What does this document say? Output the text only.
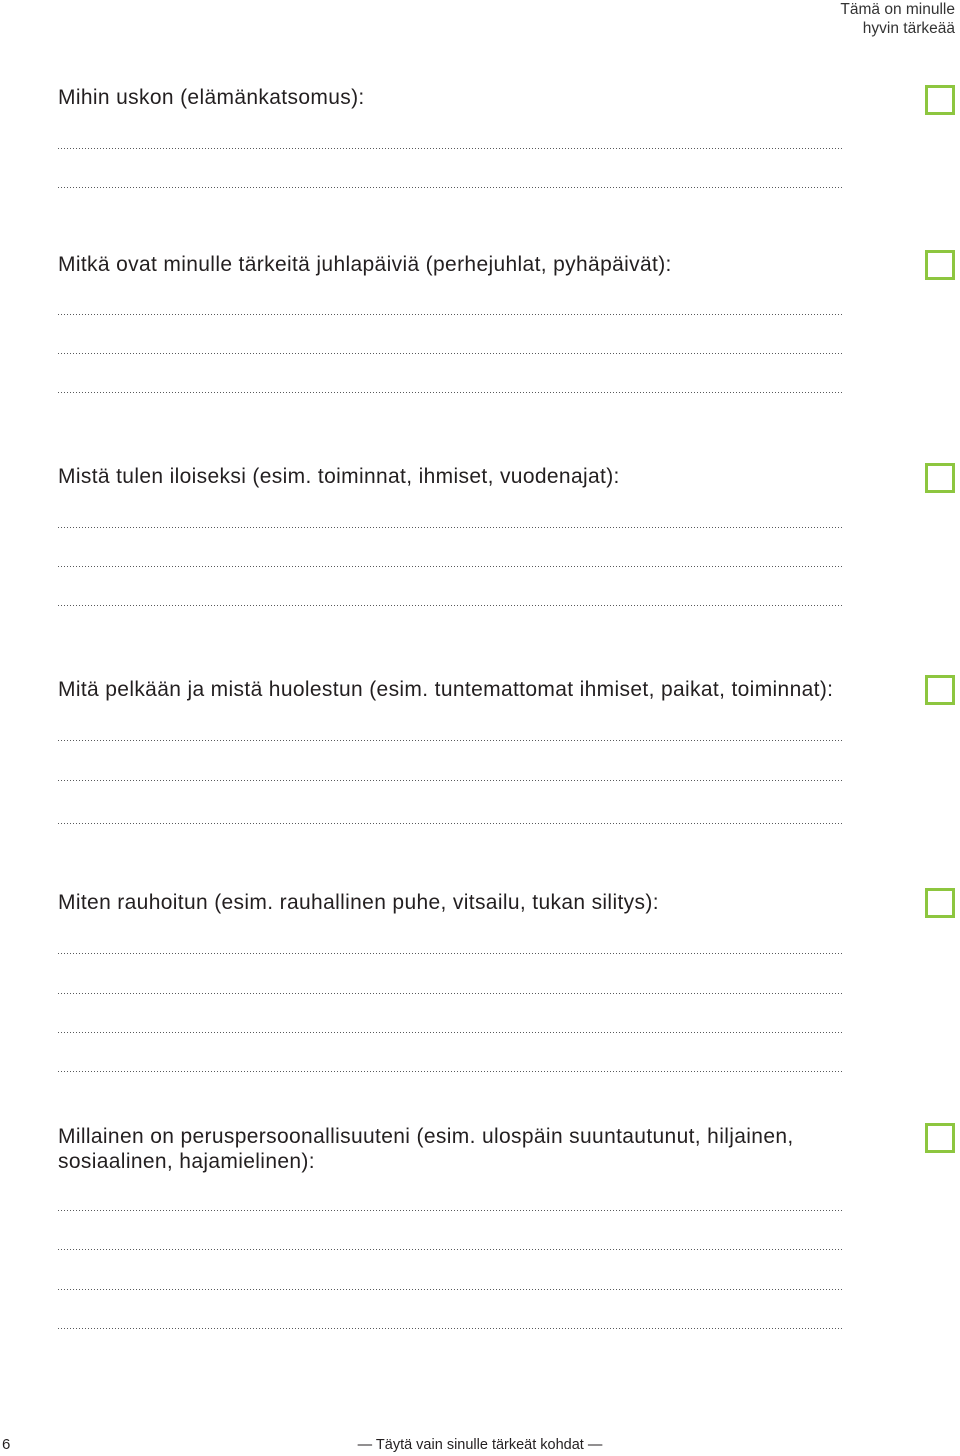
Tämä on minulle
hyvin tärkeää
Mihin uskon (elämänkatsomus):
Mitkä ovat minulle tärkeitä juhlapäiviä (perhejuhlat, pyhäpäivät):
Mistä tulen iloiseksi (esim. toiminnat, ihmiset, vuodenajat):
Mitä pelkään ja mistä huolestun (esim. tuntemattomat ihmiset, paikat, toiminnat):
Miten rauhoitun (esim. rauhallinen puhe, vitsailu, tukan silitys):
Millainen on peruspersoonallisuuteni (esim. ulospäin suuntautunut, hiljainen,
sosiaalinen, hajamielinen):
6	— Täytä vain sinulle tärkeät kohdat —
